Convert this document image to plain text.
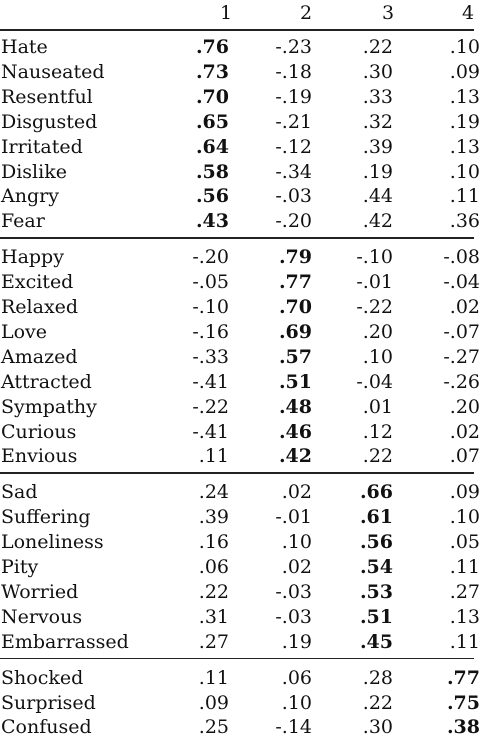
1	2	3	4
Hate	.76 -.23	.22	.10
Nauseated	.73 -.18	.30	.09
Resentful	.70 -.19	.33	.13
Disgusted	.65 -.21	.32	.19
Irritated	.64 -.12	.39	.13
Dislike	.58 -.34	.19	.10
Angry	.56 -.03	.44	.11
Fear	.43 -.20	.42	.36
Happy	-.20	.79 -.10	-.08
Excited	-.05	.77 -.01	-.04
Relaxed	-.10	.70 -.22	.02
Love	-.16	.69	.20	-.07
Amazed	-.33	.57	.10	-.27
Attracted	-.41	.51 -.04	-.26
Sympathy	-.22	.48	.01	.20
Curious	-.41	.46	.12	.02
Envious	.11	.42	.22	.07
Sad	.24	.02	.66	.09
Suffering	.39 -.01	.61	.10
Loneliness	.16	.10	.56	.05
Pity	.06	.02	.54	.11
Worried	.22 -.03	.53	.27
Nervous	.31 -.03	.51	.13
Embarrassed	.27	.19	.45	.11
Shocked	.11	.06	.28	.77
Surprised	.09	.10	.22	.75
Confused	.25 -.14	.30	.38
